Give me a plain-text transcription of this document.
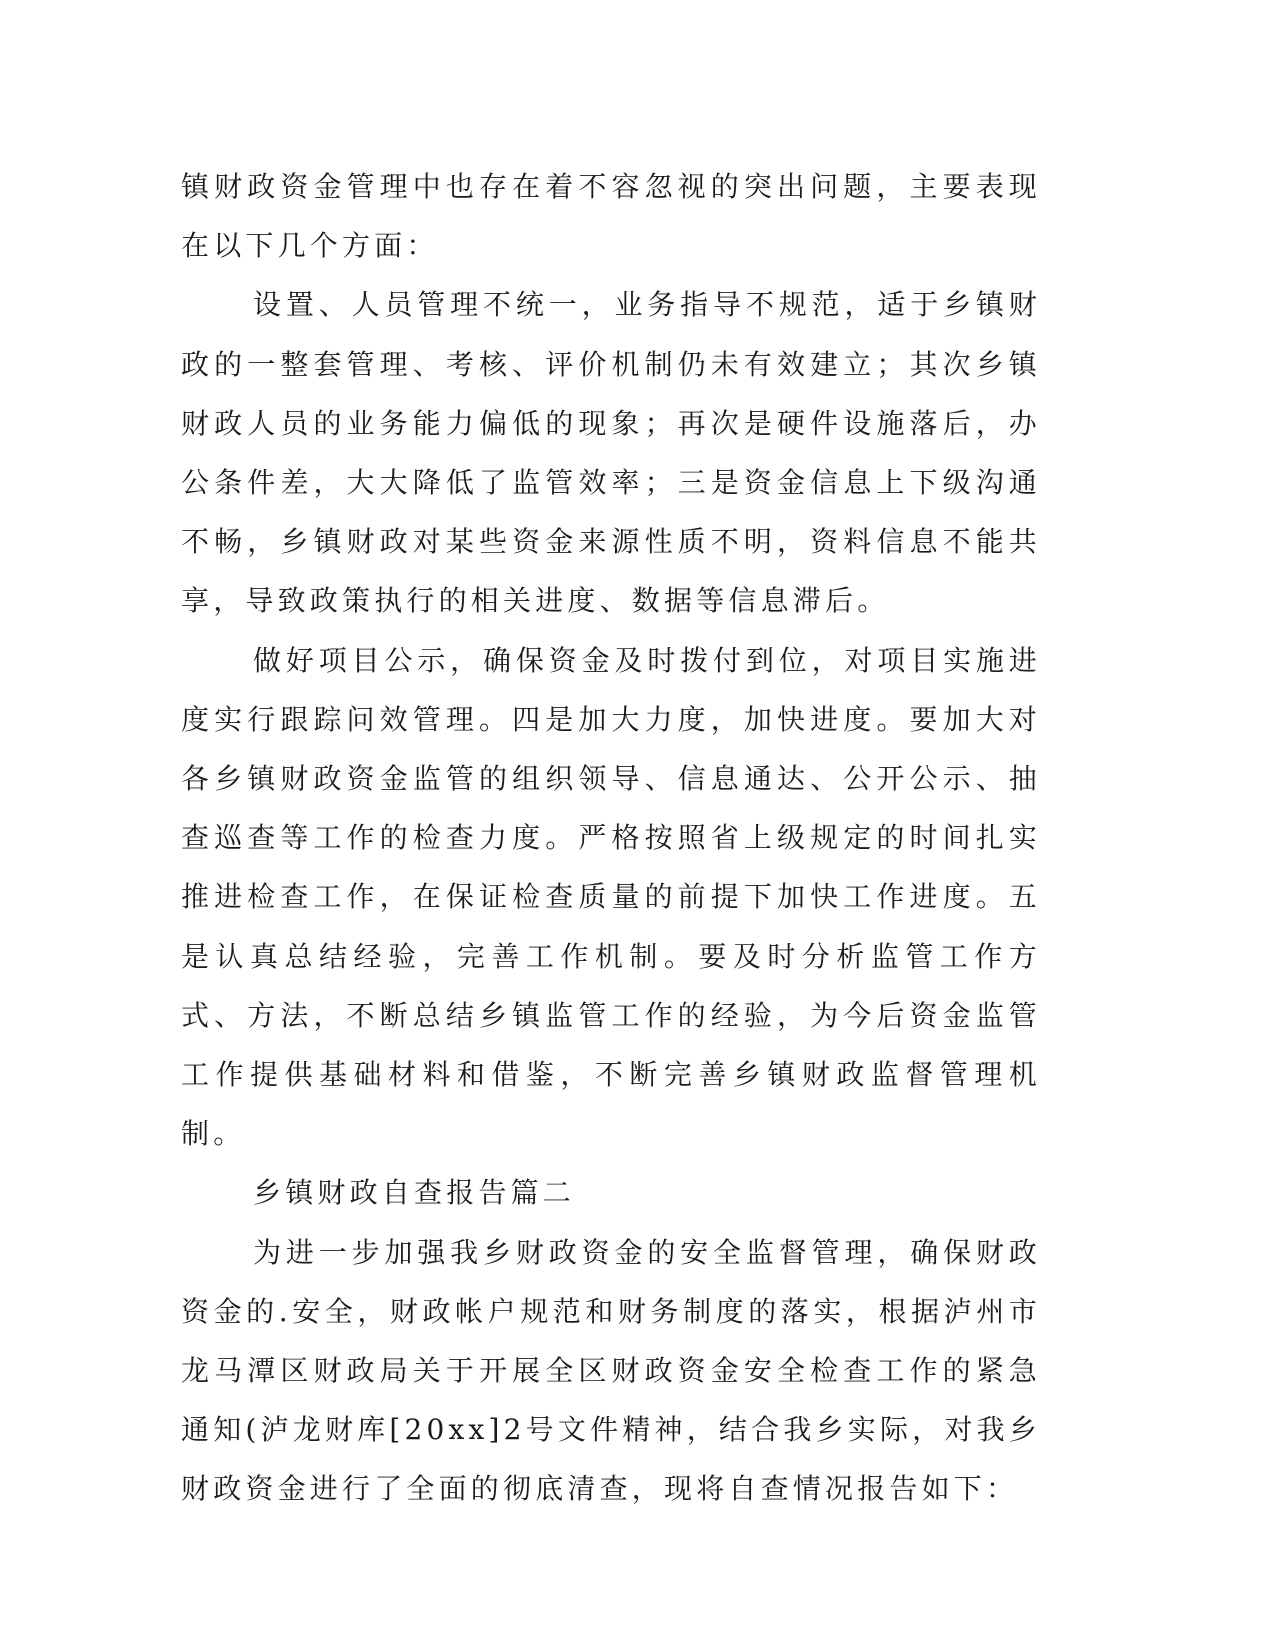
镇财政资金管理中也存在着不容忽视的突出问题，主要表现在以下几个方面：

设置、人员管理不统一，业务指导不规范，适于乡镇财政的一整套管理、考核、评价机制仍未有效建立；其次乡镇财政人员的业务能力偏低的现象；再次是硬件设施落后，办公条件差，大大降低了监管效率；三是资金信息上下级沟通不畅，乡镇财政对某些资金来源性质不明，资料信息不能共享，导致政策执行的相关进度、数据等信息滞后。

做好项目公示，确保资金及时拨付到位，对项目实施进度实行跟踪问效管理。四是加大力度，加快进度。要加大对各乡镇财政资金监管的组织领导、信息通达、公开公示、抽查巡查等工作的检查力度。严格按照省上级规定的时间扎实推进检查工作，在保证检查质量的前提下加快工作进度。五是认真总结经验，完善工作机制。要及时分析监管工作方式、方法，不断总结乡镇监管工作的经验，为今后资金监管工作提供基础材料和借鉴，不断完善乡镇财政监督管理机制。

乡镇财政自查报告篇二

为进一步加强我乡财政资金的安全监督管理，确保财政资金的.安全，财政帐户规范和财务制度的落实，根据泸州市龙马潭区财政局关于开展全区财政资金安全检查工作的紧急通知(泸龙财库[20xx]2号文件精神，结合我乡实际，对我乡财政资金进行了全面的彻底清查，现将自查情况报告如下：
